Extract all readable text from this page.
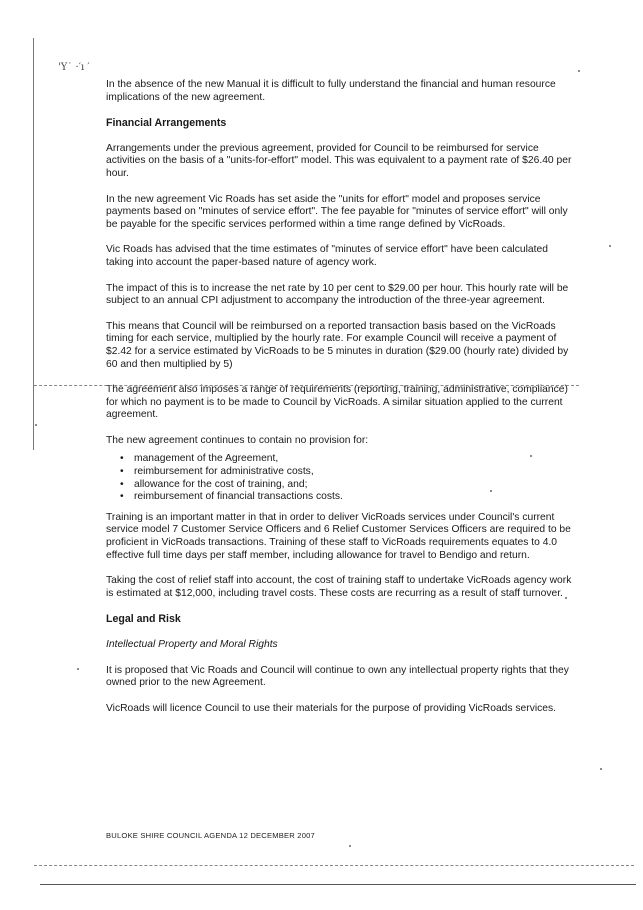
'Y˙ ·′ı ′

In the absence of the new Manual it is difficult to fully understand the financial and human resource implications of the new agreement.

Financial Arrangements

Arrangements under the previous agreement, provided for Council to be reimbursed for service activities on the basis of a "units-for-effort" model. This was equivalent to a payment rate of $26.40 per hour.

In the new agreement Vic Roads has set aside the "units for effort" model and proposes service payments based on "minutes of service effort". The fee payable for "minutes of service effort" will only be payable for the specific services performed within a time range defined by VicRoads.

Vic Roads has advised that the time estimates of "minutes of service effort" have been calculated taking into account the paper-based nature of agency work.

The impact of this is to increase the net rate by 10 per cent to $29.00 per hour. This hourly rate will be subject to an annual CPI adjustment to accompany the introduction of the three-year agreement.

This means that Council will be reimbursed on a reported transaction basis based on the VicRoads timing for each service, multiplied by the hourly rate. For example Council will receive a payment of $2.42 for a service estimated by VicRoads to be 5 minutes in duration ($29.00 (hourly rate) divided by 60 and then multiplied by 5)

The agreement also imposes a range of requirements (reporting, training, administrative, compliance) for which no payment is to be made to Council by VicRoads. A similar situation applied to the current agreement.

The new agreement continues to contain no provision for:

• management of the Agreement,
• reimbursement for administrative costs,
• allowance for the cost of training, and;
• reimbursement of financial transactions costs.

Training is an important matter in that in order to deliver VicRoads services under Council's current service model 7 Customer Service Officers and 6 Relief Customer Services Officers are required to be proficient in VicRoads transactions. Training of these staff to VicRoads requirements equates to 4.0 effective full time days per staff member, including allowance for travel to Bendigo and return.

Taking the cost of relief staff into account, the cost of training staff to undertake VicRoads agency work is estimated at $12,000, including travel costs. These costs are recurring as a result of staff turnover.

Legal and Risk
Intellectual Property and Moral Rights

It is proposed that Vic Roads and Council will continue to own any intellectual property rights that they owned prior to the new Agreement.

VicRoads will licence Council to use their materials for the purpose of providing VicRoads services.

BULOKE SHIRE COUNCIL AGENDA 12 DECEMBER 2007
